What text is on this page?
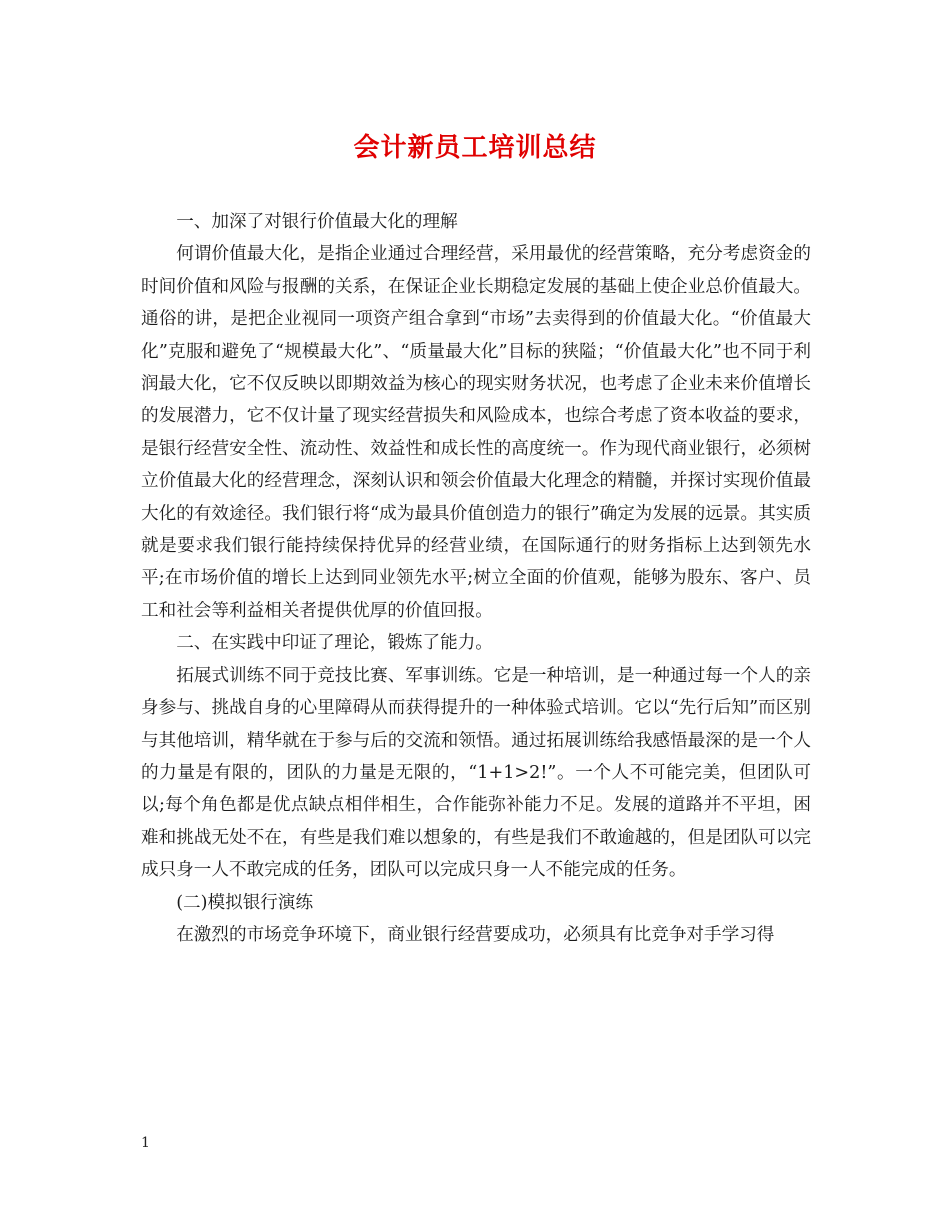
会计新员工培训总结

一、加深了对银行价值最大化的理解

何谓价值最大化，是指企业通过合理经营，采用最优的经营策略，充分考虑资金的时间价值和风险与报酬的关系，在保证企业长期稳定发展的基础上使企业总价值最大。通俗的讲，是把企业视同一项资产组合拿到“市场”去卖得到的价值最大化。“价值最大化”克服和避免了“规模最大化”、“质量最大化”目标的狭隘；“价值最大化”也不同于利润最大化，它不仅反映以即期效益为核心的现实财务状况，也考虑了企业未来价值增长的发展潜力，它不仅计量了现实经营损失和风险成本，也综合考虑了资本收益的要求，是银行经营安全性、流动性、效益性和成长性的高度统一。作为现代商业银行，必须树立价值最大化的经营理念，深刻认识和领会价值最大化理念的精髓，并探讨实现价值最大化的有效途径。我们银行将“成为最具价值创造力的银行”确定为发展的远景。其实质就是要求我们银行能持续保持优异的经营业绩，在国际通行的财务指标上达到领先水平;在市场价值的增长上达到同业领先水平;树立全面的价值观，能够为股东、客户、员工和社会等利益相关者提供优厚的价值回报。

二、在实践中印证了理论，锻炼了能力。

拓展式训练不同于竞技比赛、军事训练。它是一种培训，是一种通过每一个人的亲身参与、挑战自身的心里障碍从而获得提升的一种体验式培训。它以“先行后知”而区别与其他培训，精华就在于参与后的交流和领悟。通过拓展训练给我感悟最深的是一个人的力量是有限的，团队的力量是无限的，“1+1>2!”。一个人不可能完美，但团队可以;每个角色都是优点缺点相伴相生，合作能弥补能力不足。发展的道路并不平坦，困难和挑战无处不在，有些是我们难以想象的，有些是我们不敢逾越的，但是团队可以完成只身一人不敢完成的任务，团队可以完成只身一人不能完成的任务。

(二)模拟银行演练

在激烈的市场竞争环境下，商业银行经营要成功，必须具有比竞争对手学习得

1
